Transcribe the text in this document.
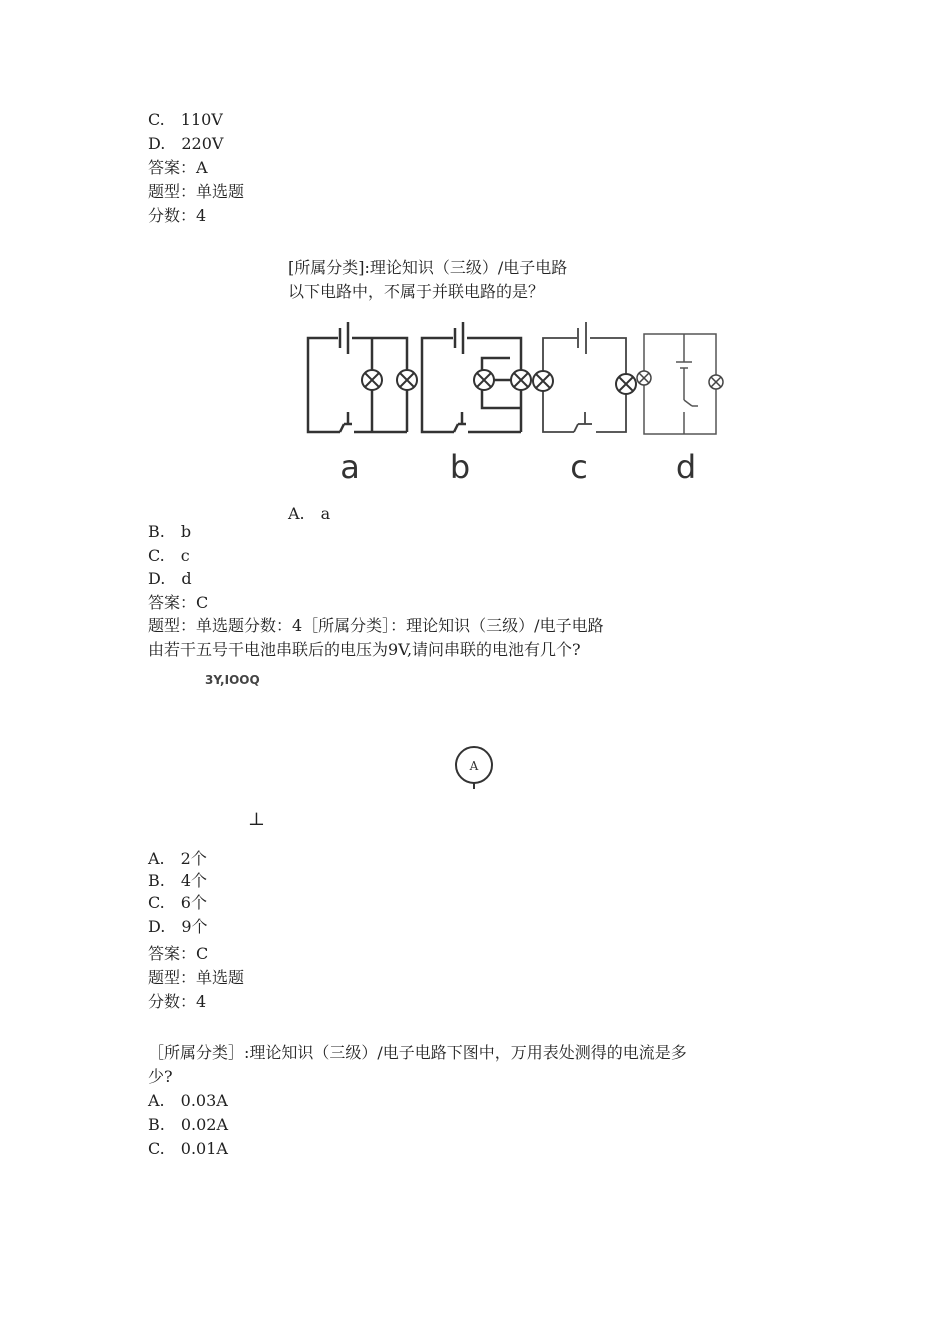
C.　110V
D.　220V
答案：A
题型：单选题
分数：4
[所属分类]:理论知识（三级）/电子电路
以下电路中，不属于并联电路的是？
a	b	c	d
A.　a
B.　b
C.　c
D.　d
答案：C
题型：单选题分数：4［所属分类］：理论知识（三级）/电子电路
由若干五号干电池串联后的电压为9V,请问串联的电池有几个?
3Y,IOOQ
A
⊥
A.　2个
B.　4个
C.　6个
D.　9个
答案：C
题型：单选题
分数：4
［所属分类］:理论知识（三级）/电子电路下图中，万用表处测得的电流是多
少?
A.　0.03A
B.　0.02A
C.　0.01A
